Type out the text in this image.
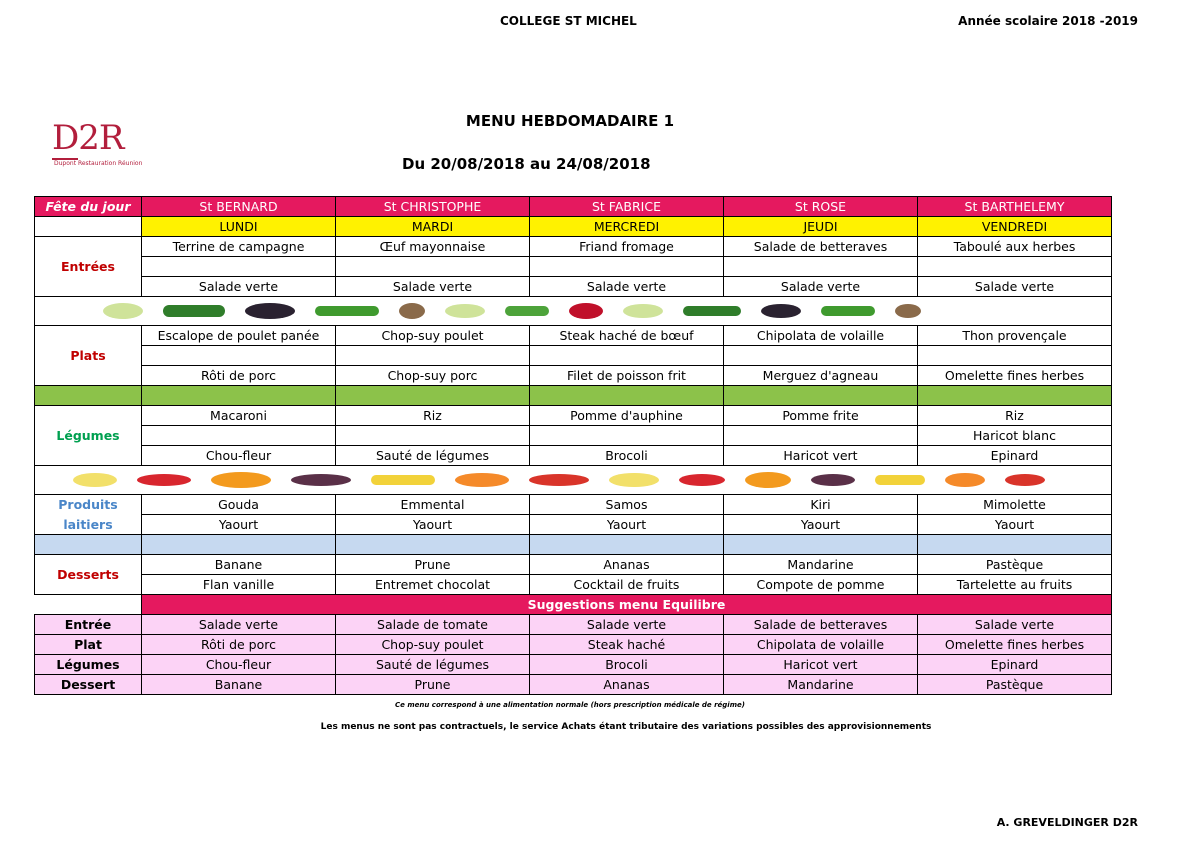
COLLEGE ST MICHEL	Année scolaire 2018 -2019
D2R
Dupont Restauration Réunion
MENU HEBDOMADAIRE 1
Du 20/08/2018 au 24/08/2018
Fête du jour	St BERNARD	St CHRISTOPHE	St FABRICE	St ROSE	St BARTHELEMY
	LUNDI	MARDI	MERCREDI	JEUDI	VENDREDI
Entrées	Terrine de campagne	Œuf mayonnaise	Friand fromage	Salade de betteraves	Taboulé aux herbes

	Salade verte	Salade verte	Salade verte	Salade verte	Salade verte

Plats	Escalope de poulet panée	Chop-suy poulet	Steak haché de bœuf	Chipolata de volaille	Thon provençale

	Rôti de porc	Chop-suy porc	Filet de poisson frit	Merguez d'agneau	Omelette fines herbes

Légumes	Macaroni	Riz	Pomme d'auphine	Pomme frite	Riz
					Haricot blanc
	Chou-fleur	Sauté de légumes	Brocoli	Haricot vert	Epinard

Produits	Gouda	Emmental	Samos	Kiri	Mimolette
laitiers	Yaourt	Yaourt	Yaourt	Yaourt	Yaourt

Desserts	Banane	Prune	Ananas	Mandarine	Pastèque
	Flan vanille	Entremet chocolat	Cocktail de fruits	Compote de pomme	Tartelette au fruits
	Suggestions menu Equilibre				
Entrée	Salade verte	Salade de tomate	Salade verte	Salade de betteraves	Salade verte
Plat	Rôti de porc	Chop-suy poulet	Steak haché	Chipolata de volaille	Omelette fines herbes
Légumes	Chou-fleur	Sauté de légumes	Brocoli	Haricot vert	Epinard
Dessert	Banane	Prune	Ananas	Mandarine	Pastèque
Ce menu correspond à une alimentation normale (hors prescription médicale de régime)
Les menus ne sont pas contractuels, le service Achats étant tributaire des variations possibles des approvisionnements
A. GREVELDINGER D2R
